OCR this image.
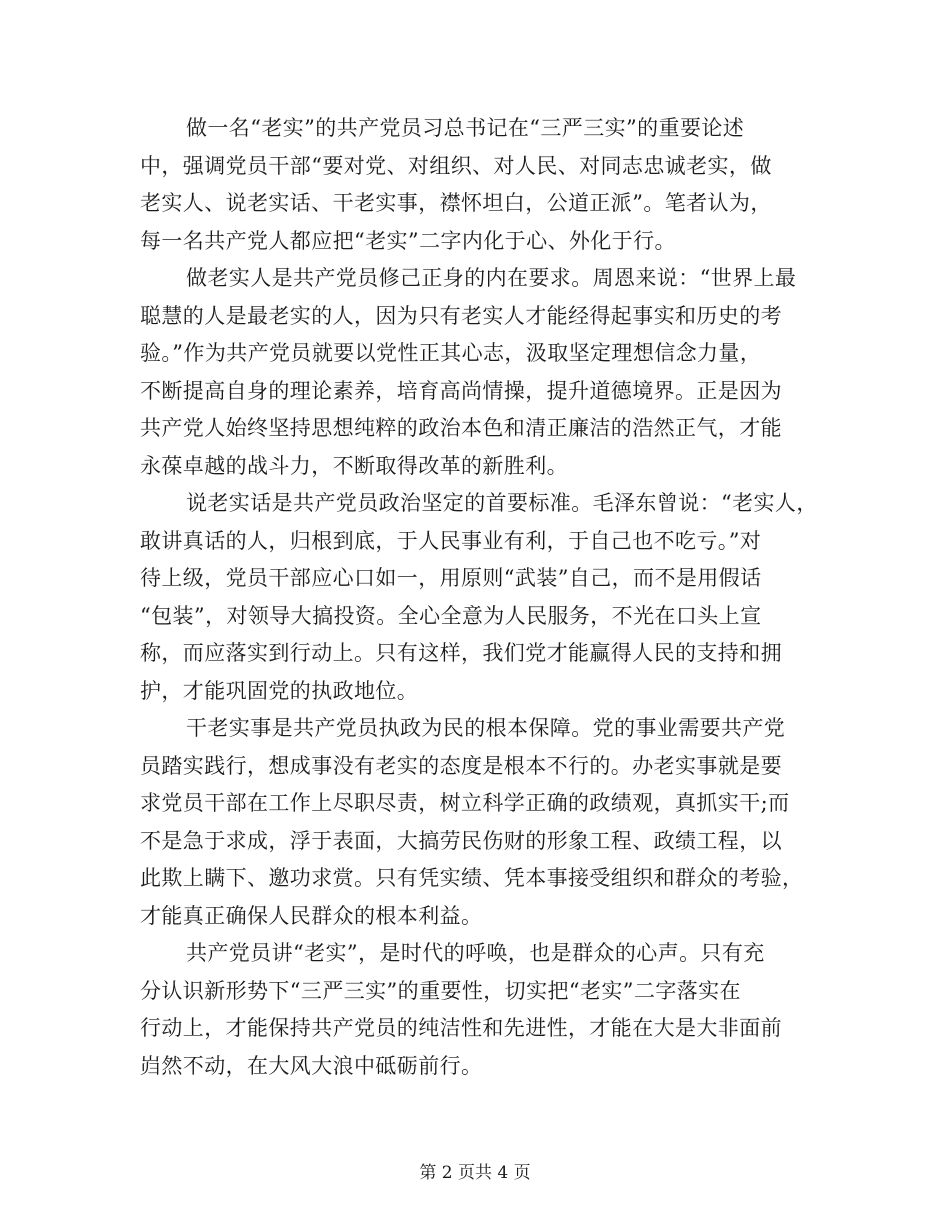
做一名“老实”的共产党员习总书记在“三严三实”的重要论述
中，强调党员干部“要对党、对组织、对人民、对同志忠诚老实，做
老实人、说老实话、干老实事，襟怀坦白，公道正派”。笔者认为，
每一名共产党人都应把“老实”二字内化于心、外化于行。
做老实人是共产党员修己正身的内在要求。周恩来说：“世界上最
聪慧的人是最老实的人，因为只有老实人才能经得起事实和历史的考
验。”作为共产党员就要以党性正其心志，汲取坚定理想信念力量，
不断提高自身的理论素养，培育高尚情操，提升道德境界。正是因为
共产党人始终坚持思想纯粹的政治本色和清正廉洁的浩然正气，才能
永葆卓越的战斗力，不断取得改革的新胜利。
说老实话是共产党员政治坚定的首要标准。毛泽东曾说：“老实人，
敢讲真话的人，归根到底，于人民事业有利，于自己也不吃亏。”对
待上级，党员干部应心口如一，用原则“武装”自己，而不是用假话
“包装”，对领导大搞投资。全心全意为人民服务，不光在口头上宣
称，而应落实到行动上。只有这样，我们党才能赢得人民的支持和拥
护，才能巩固党的执政地位。
干老实事是共产党员执政为民的根本保障。党的事业需要共产党
员踏实践行，想成事没有老实的态度是根本不行的。办老实事就是要
求党员干部在工作上尽职尽责，树立科学正确的政绩观，真抓实干;而
不是急于求成，浮于表面，大搞劳民伤财的形象工程、政绩工程，以
此欺上瞒下、邀功求赏。只有凭实绩、凭本事接受组织和群众的考验，
才能真正确保人民群众的根本利益。
共产党员讲“老实”，是时代的呼唤，也是群众的心声。只有充
分认识新形势下“三严三实”的重要性，切实把“老实”二字落实在
行动上，才能保持共产党员的纯洁性和先进性，才能在大是大非面前
岿然不动，在大风大浪中砥砺前行。
第 2 页共 4 页
